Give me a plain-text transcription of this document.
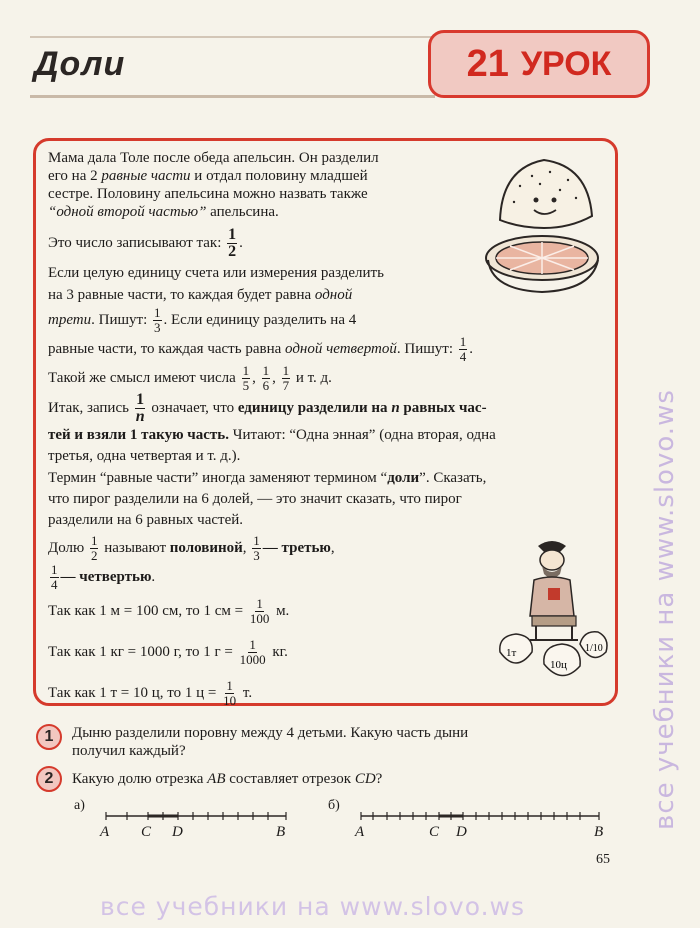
Доли	21 УРОК
Мама дала Толе после обеда апельсин. Он разделил
его на 2 равные части и отдал половину младшей
сестре. Половину апельсина можно назвать также
“одной второй частью” апельсина.
Это число записывают так: $\frac{1}{2}$ .
Если целую единицу счета или измерения разделить
на 3 равные части, то каждая будет равна одной
трети. Пишут: $\frac{1}{3}$ . Если единицу разделить на 4
равные части, то каждая часть равна одной четвертой. Пишут: $\frac{1}{4}$ .
Такой же смысл имеют числа $\frac{1}{5}$ , $\frac{1}{6}$ , $\frac{1}{7}$ и т. д.
Итак, запись $\frac{1}{n}$ означает, что единицу разделили на n равных час-
тей и взяли 1 такую часть. Читают: “Одна энная” (одна вторая, одна
третья, одна четвертая и т. д.).
Термин “равные части” иногда заменяют термином “доли”. Сказать,
что пирог разделили на 6 долей, — это значит сказать, что пирог
разделили на 6 равных частей.
Долю $\frac{1}{2}$ называют половиной, $\frac{1}{3}$ — третью,
$\frac{1}{4}$ — четвертью.
Так как 1 м = 100 см, то 1 см = $\frac{1}{100} м$.
Так как 1 кг = 1000 г, то 1 $г = \frac{1}{1000}$ кг.
Так как 1 т = 10 ц, то 1 $ц = \frac{1}{10} т$.
1т
10ц
1/10
1	Дыню разделили поровну между 4 детьми. Какую часть дыни
получил каждый?
2	Какую долю отрезка AB составляет отрезок CD?
а)
A C D	B
б)
A	C D	B
65
все учебники на www.slovo.ws
все учебники на www.slovo.ws
